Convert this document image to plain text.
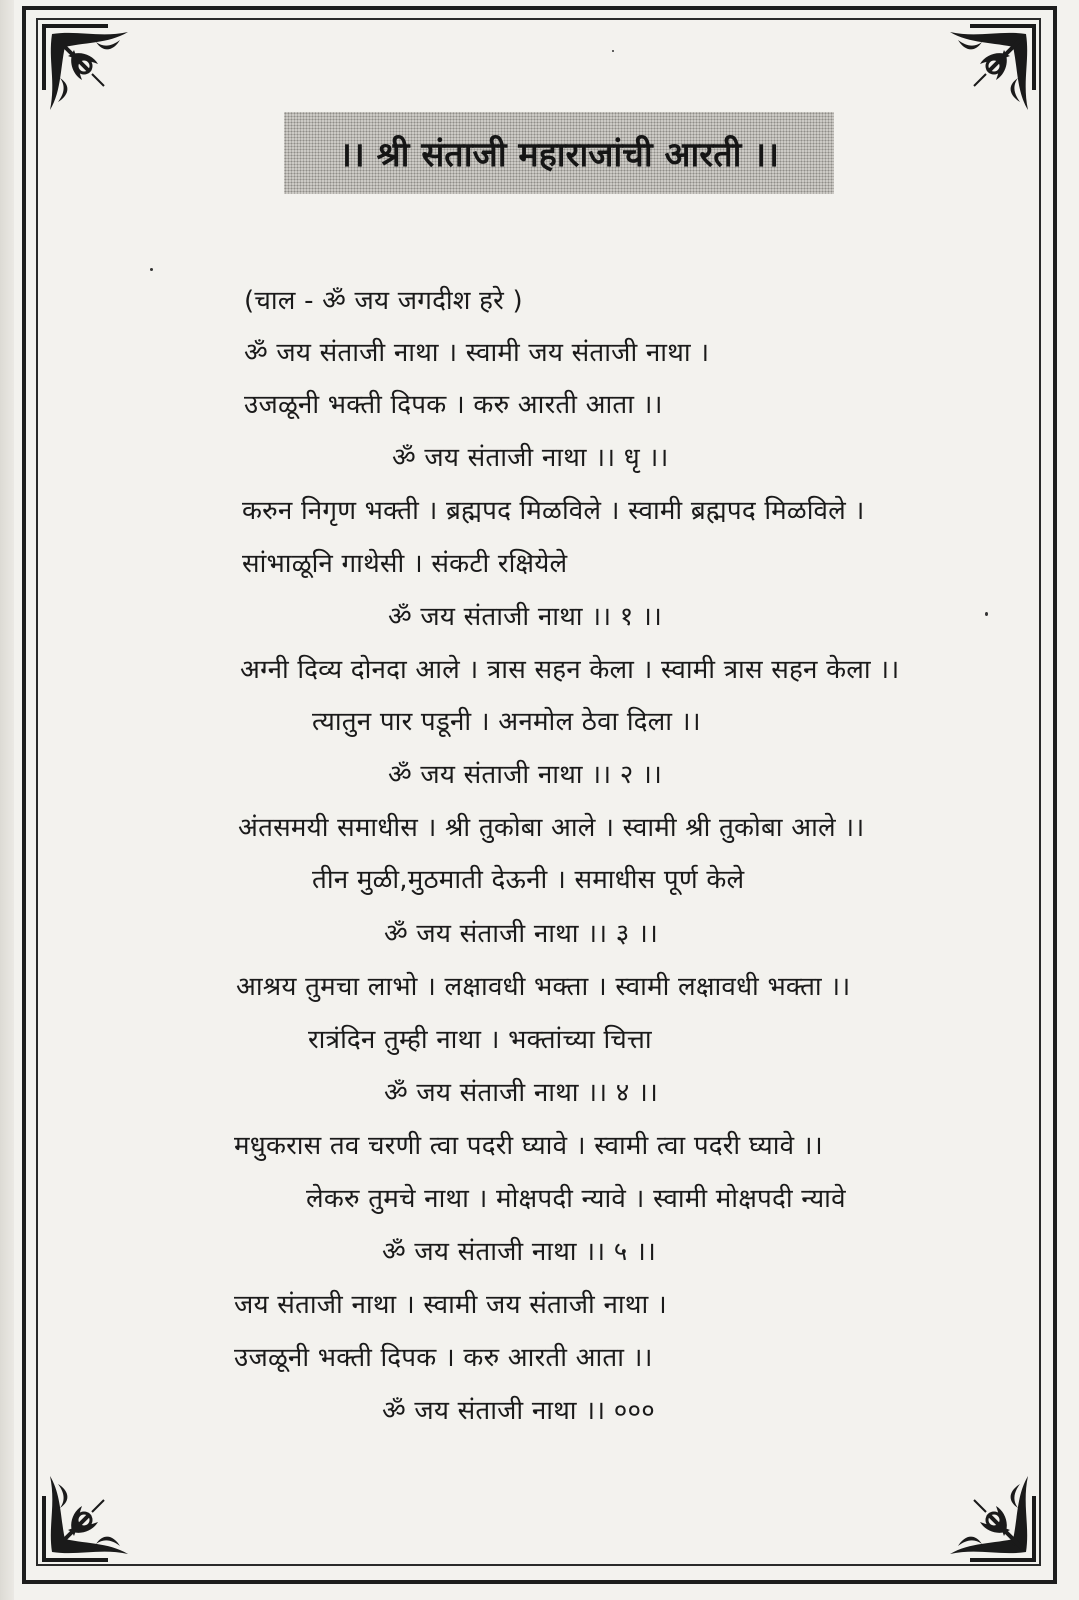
।। श्री संताजी महाराजांची आरती ।।
(चाल - ॐ जय जगदीश हरे )
ॐ जय संताजी नाथा । स्वामी जय संताजी नाथा ।
उजळूनी भक्ती दिपक । करु आरती आता ।।
ॐ जय संताजी नाथा ।। धृ ।।
करुन निगृण भक्ती । ब्रह्मपद मिळविले । स्वामी ब्रह्मपद मिळविले ।
सांभाळूनि गाथेसी । संकटी रक्षियेले
ॐ जय संताजी नाथा ।। १ ।।
अग्नी दिव्य दोनदा आले । त्रास सहन केला । स्वामी त्रास सहन केला ।।
त्यातुन पार पडूनी । अनमोल ठेवा दिला ।।
ॐ जय संताजी नाथा ।। २ ।।
अंतसमयी समाधीस । श्री तुकोबा आले । स्वामी श्री तुकोबा आले ।।
तीन मुळी,मुठमाती देऊनी । समाधीस पूर्ण केले
ॐ जय संताजी नाथा ।। ३ ।।
आश्रय तुमचा लाभो । लक्षावधी भक्ता । स्वामी लक्षावधी भक्ता ।।
रात्रंदिन तुम्ही नाथा । भक्तांच्या चित्ता
ॐ जय संताजी नाथा ।। ४ ।।
मधुकरास तव चरणी त्वा पदरी घ्यावे । स्वामी त्वा पदरी घ्यावे ।।
लेकरु तुमचे नाथा । मोक्षपदी न्यावे । स्वामी मोक्षपदी न्यावे
ॐ जय संताजी नाथा ।। ५ ।।
जय संताजी नाथा । स्वामी जय संताजी नाथा ।
उजळूनी भक्ती दिपक । करु आरती आता ।।
ॐ जय संताजी नाथा ।। ०००
